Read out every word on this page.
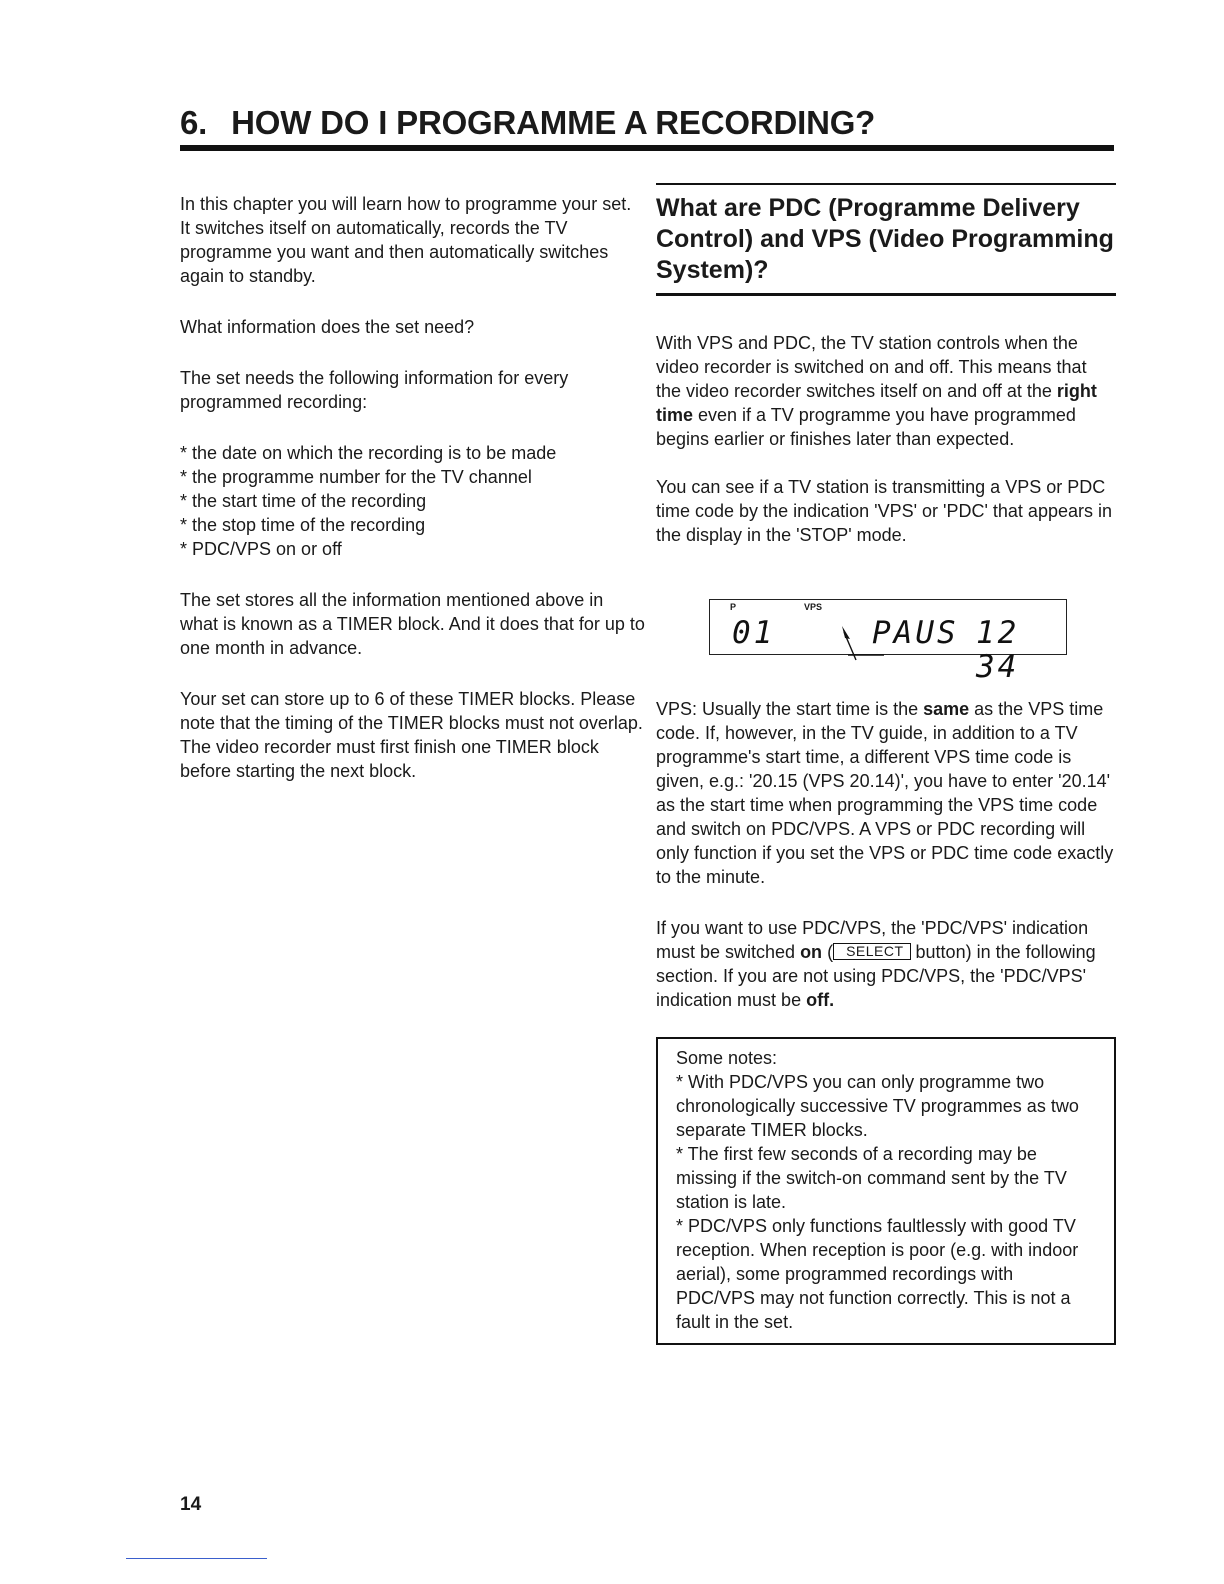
6. HOW DO I PROGRAMME A RECORDING?

In this chapter you will learn how to programme your set. It switches itself on automatically, records the TV programme you want and then automatically switches again to standby.

What information does the set need?

The set needs the following information for every programmed recording:

* the date on which the recording is to be made
* the programme number for the TV channel
* the start time of the recording
* the stop time of the recording
* PDC/VPS on or off

The set stores all the information mentioned above in what is known as a TIMER block. And it does that for up to one month in advance.

Your set can store up to 6 of these TIMER blocks. Please note that the timing of the TIMER blocks must not overlap. The video recorder must first finish one TIMER block before starting the next block.

What are PDC (Programme Delivery Control) and VPS (Video Programming System)?

With VPS and PDC, the TV station controls when the video recorder is switched on and off. This means that the video recorder switches itself on and off at the right time even if a TV programme you have programmed begins earlier or finishes later than expected.

You can see if a TV station is transmitting a VPS or PDC time code by the indication 'VPS' or 'PDC' that appears in the display in the 'STOP' mode.

P	VPS
01	PAUS 12 34

VPS: Usually the start time is the same as the VPS time code. If, however, in the TV guide, in addition to a TV programme's start time, a different VPS time code is given, e.g.: '20.15 (VPS 20.14)', you have to enter '20.14' as the start time when programming the VPS time code and switch on PDC/VPS. A VPS or PDC recording will only function if you set the VPS or PDC time code exactly to the minute.

If you want to use PDC/VPS, the 'PDC/VPS' indication must be switched on ( SELECT button) in the following section. If you are not using PDC/VPS, the 'PDC/VPS' indication must be off.

Some notes:

* With PDC/VPS you can only programme two chronologically successive TV programmes as two separate TIMER blocks.

* The first few seconds of a recording may be missing if the switch-on command sent by the TV station is late.

* PDC/VPS only functions faultlessly with good TV reception. When reception is poor (e.g. with indoor aerial), some programmed recordings with PDC/VPS may not function correctly. This is not a fault in the set.

14
